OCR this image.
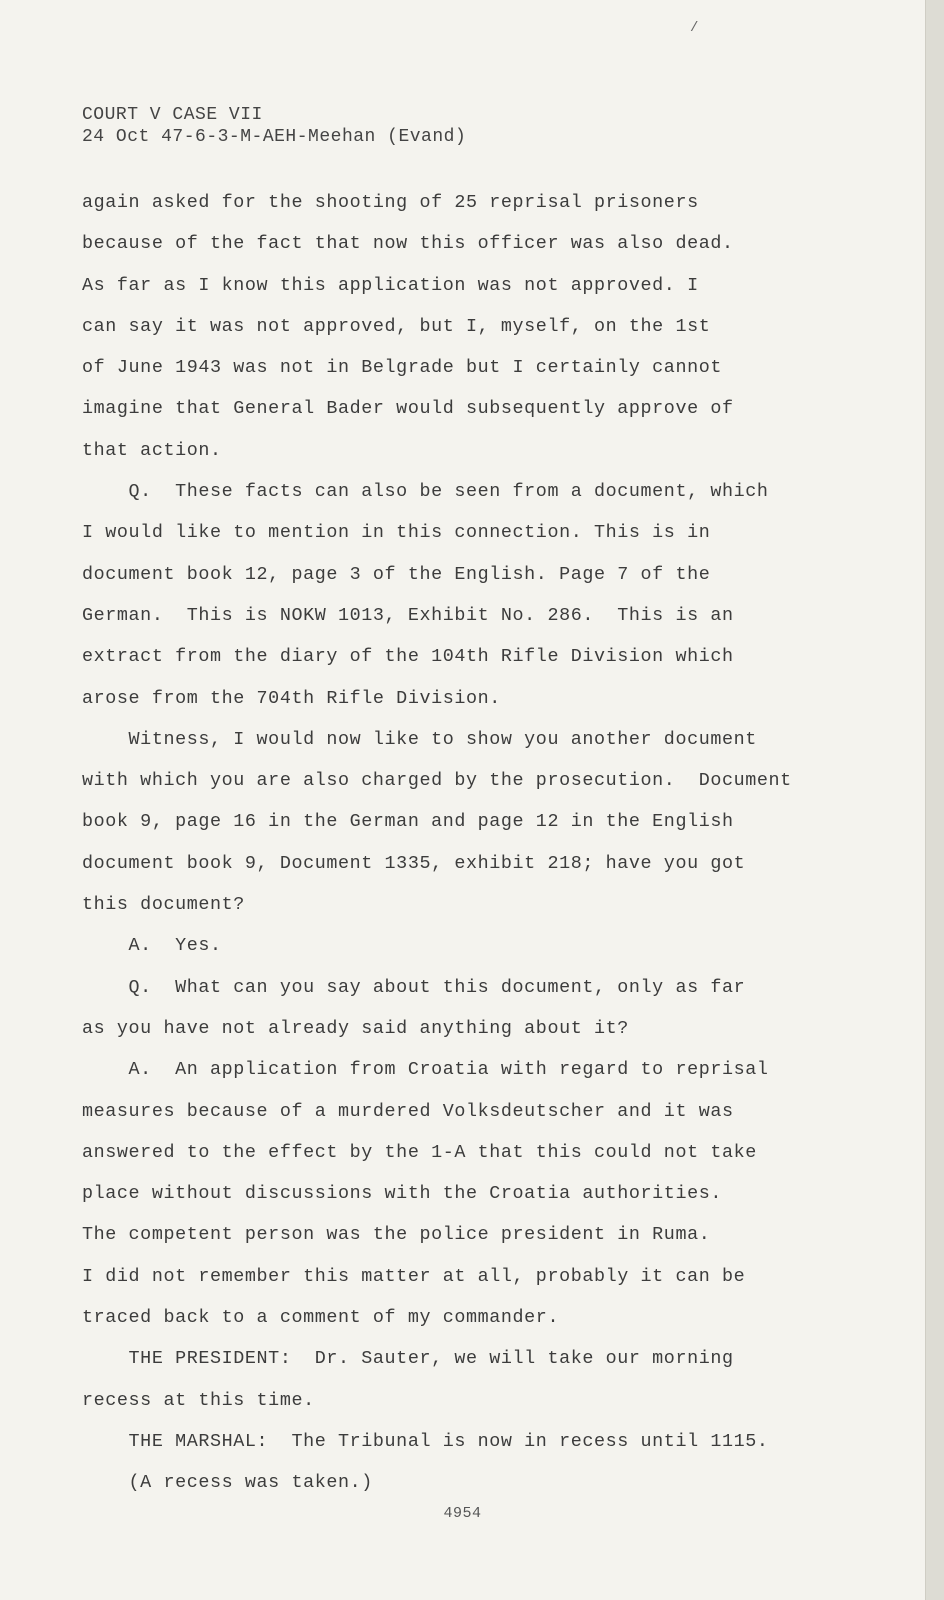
/
COURT V CASE VII
24 Oct 47-6-3-M-AEH-Meehan (Evand)
again asked for the shooting of 25 reprisal prisoners
because of the fact that now this officer was also dead.
As far as I know this application was not approved. I
can say it was not approved, but I, myself, on the 1st
of June 1943 was not in Belgrade but I certainly cannot
imagine that General Bader would subsequently approve of
that action.
Q.  These facts can also be seen from a document, which
I would like to mention in this connection. This is in
document book 12, page 3 of the English. Page 7 of the
German.  This is NOKW 1013, Exhibit No. 286.  This is an
extract from the diary of the 104th Rifle Division which
arose from the 704th Rifle Division.
Witness, I would now like to show you another document
with which you are also charged by the prosecution.  Document
book 9, page 16 in the German and page 12 in the English
document book 9, Document 1335, exhibit 218; have you got
this document?
A.  Yes.
Q.  What can you say about this document, only as far
as you have not already said anything about it?
A.  An application from Croatia with regard to reprisal
measures because of a murdered Volksdeutscher and it was
answered to the effect by the 1-A that this could not take
place without discussions with the Croatia authorities.
The competent person was the police president in Ruma.
I did not remember this matter at all, probably it can be
traced back to a comment of my commander.
THE PRESIDENT:  Dr. Sauter, we will take our morning
recess at this time.
THE MARSHAL:  The Tribunal is now in recess until 1115.
(A recess was taken.)
4954
